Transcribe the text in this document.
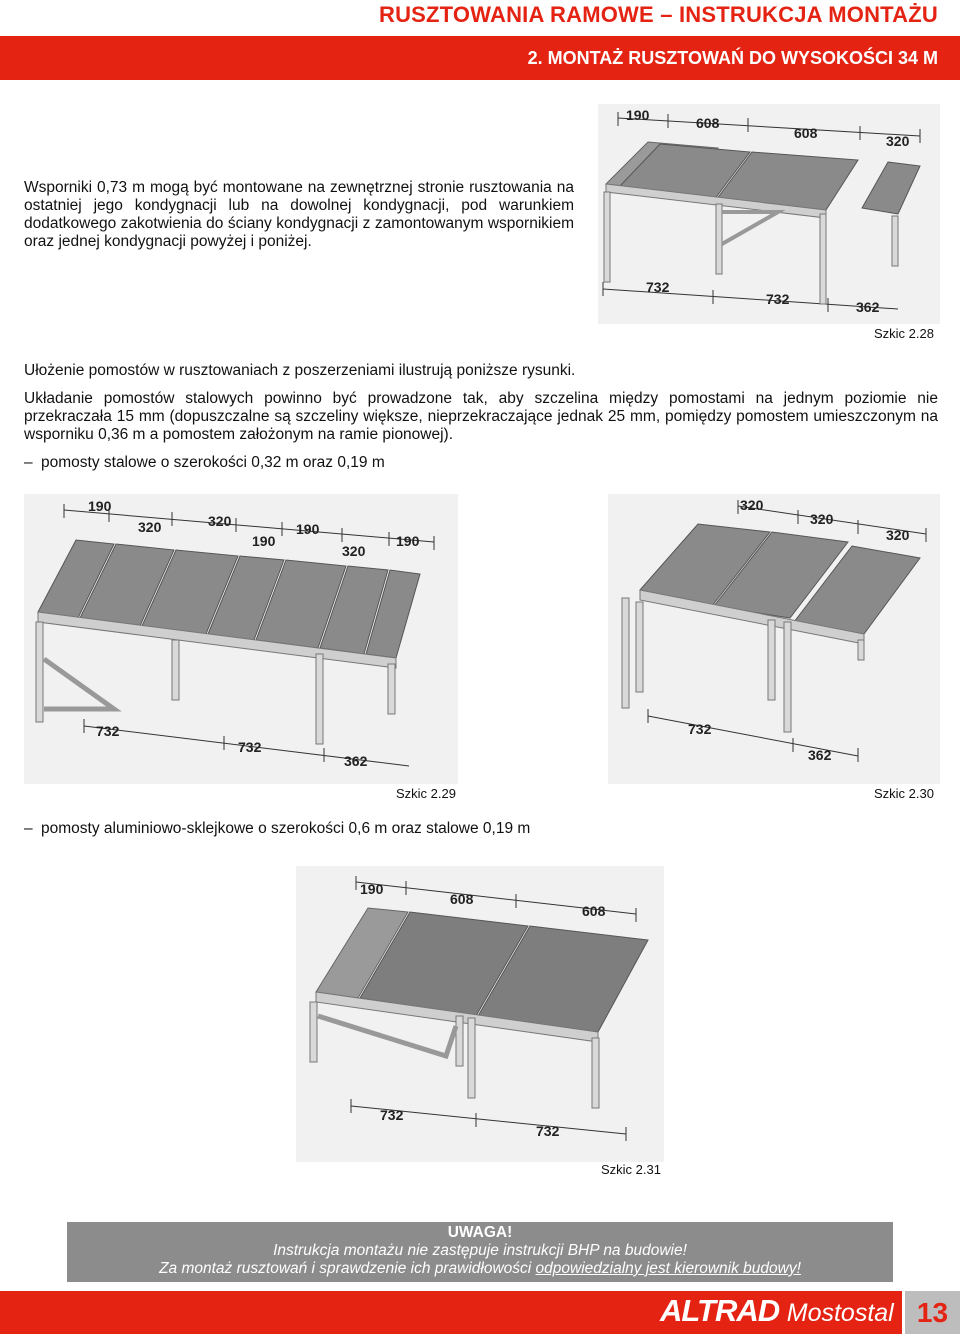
RUSZTOWANIA RAMOWE – INSTRUKCJA MONTAŻU
2. MONTAŻ RUSZTOWAŃ DO WYSOKOŚCI 34 M
Wsporniki 0,73 m mogą być montowane na zewnętrznej stronie rusztowania na ostatniej jego kondygnacji lub na dowolnej kondygnacji, pod warunkiem dodatkowego zakotwienia do ściany kondygnacji z zamontowanym wspornikiem oraz jednej kondygnacji powyżej i poniżej.
190	608
608	320
732
732	362
Szkic 2.28
Ułożenie pomostów w rusztowaniach z poszerzeniami ilustrują poniższe rysunki.
Układanie pomostów stalowych powinno być prowadzone tak, aby szczelina między pomostami na jednym poziomie nie przekraczała 15 mm (dopuszczalne są szczeliny większe, nieprzekraczające jednak 25 mm, pomiędzy pomostem umieszczonym na wsporniku 0,36 m a pomostem założonym na ramie pionowej).
– pomosty stalowe o szerokości 0,32 m oraz 0,19 m
190
320	320	190
190
320
190
732
732
362
Szkic 2.29
320
320
320
732
362
Szkic 2.30
– pomosty aluminiowo-sklejkowe o szerokości 0,6 m oraz stalowe 0,19 m
190
608
608
732
732
Szkic 2.31
UWAGA!
Instrukcja montażu nie zastępuje instrukcji BHP na budowie!
Za montaż rusztowań i sprawdzenie ich prawidłowości odpowiedzialny jest kierownik budowy!
ALTRAD Mostostal 13
